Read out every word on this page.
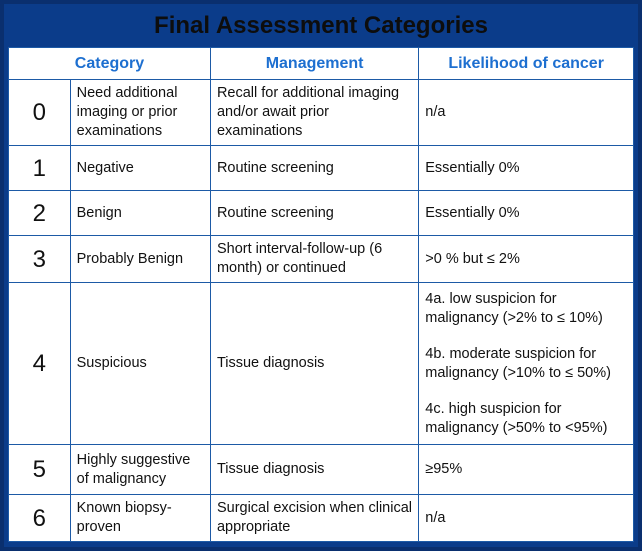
Final Assessment Categories
Category		Management	Likelihood of cancer
0	Need additional imaging or prior examinations	Recall for additional imaging and/or await prior examinations	n/a
1	Negative	Routine screening	Essentially 0%
2	Benign	Routine screening	Essentially 0%
3	Probably Benign	Short interval-follow-up (6 month) or continued	>0 % but ≤ 2%
4	Suspicious	Tissue diagnosis	4a. low suspicion for malignancy (>2% to ≤ 10%)
4b. moderate suspicion for malignancy (>10% to ≤ 50%)
4c. high suspicion for malignancy (>50% to <95%)

5	Highly suggestive of malignancy	Tissue diagnosis	≥95%
6	Known biopsy-proven	Surgical excision when clinical appropriate	n/a
